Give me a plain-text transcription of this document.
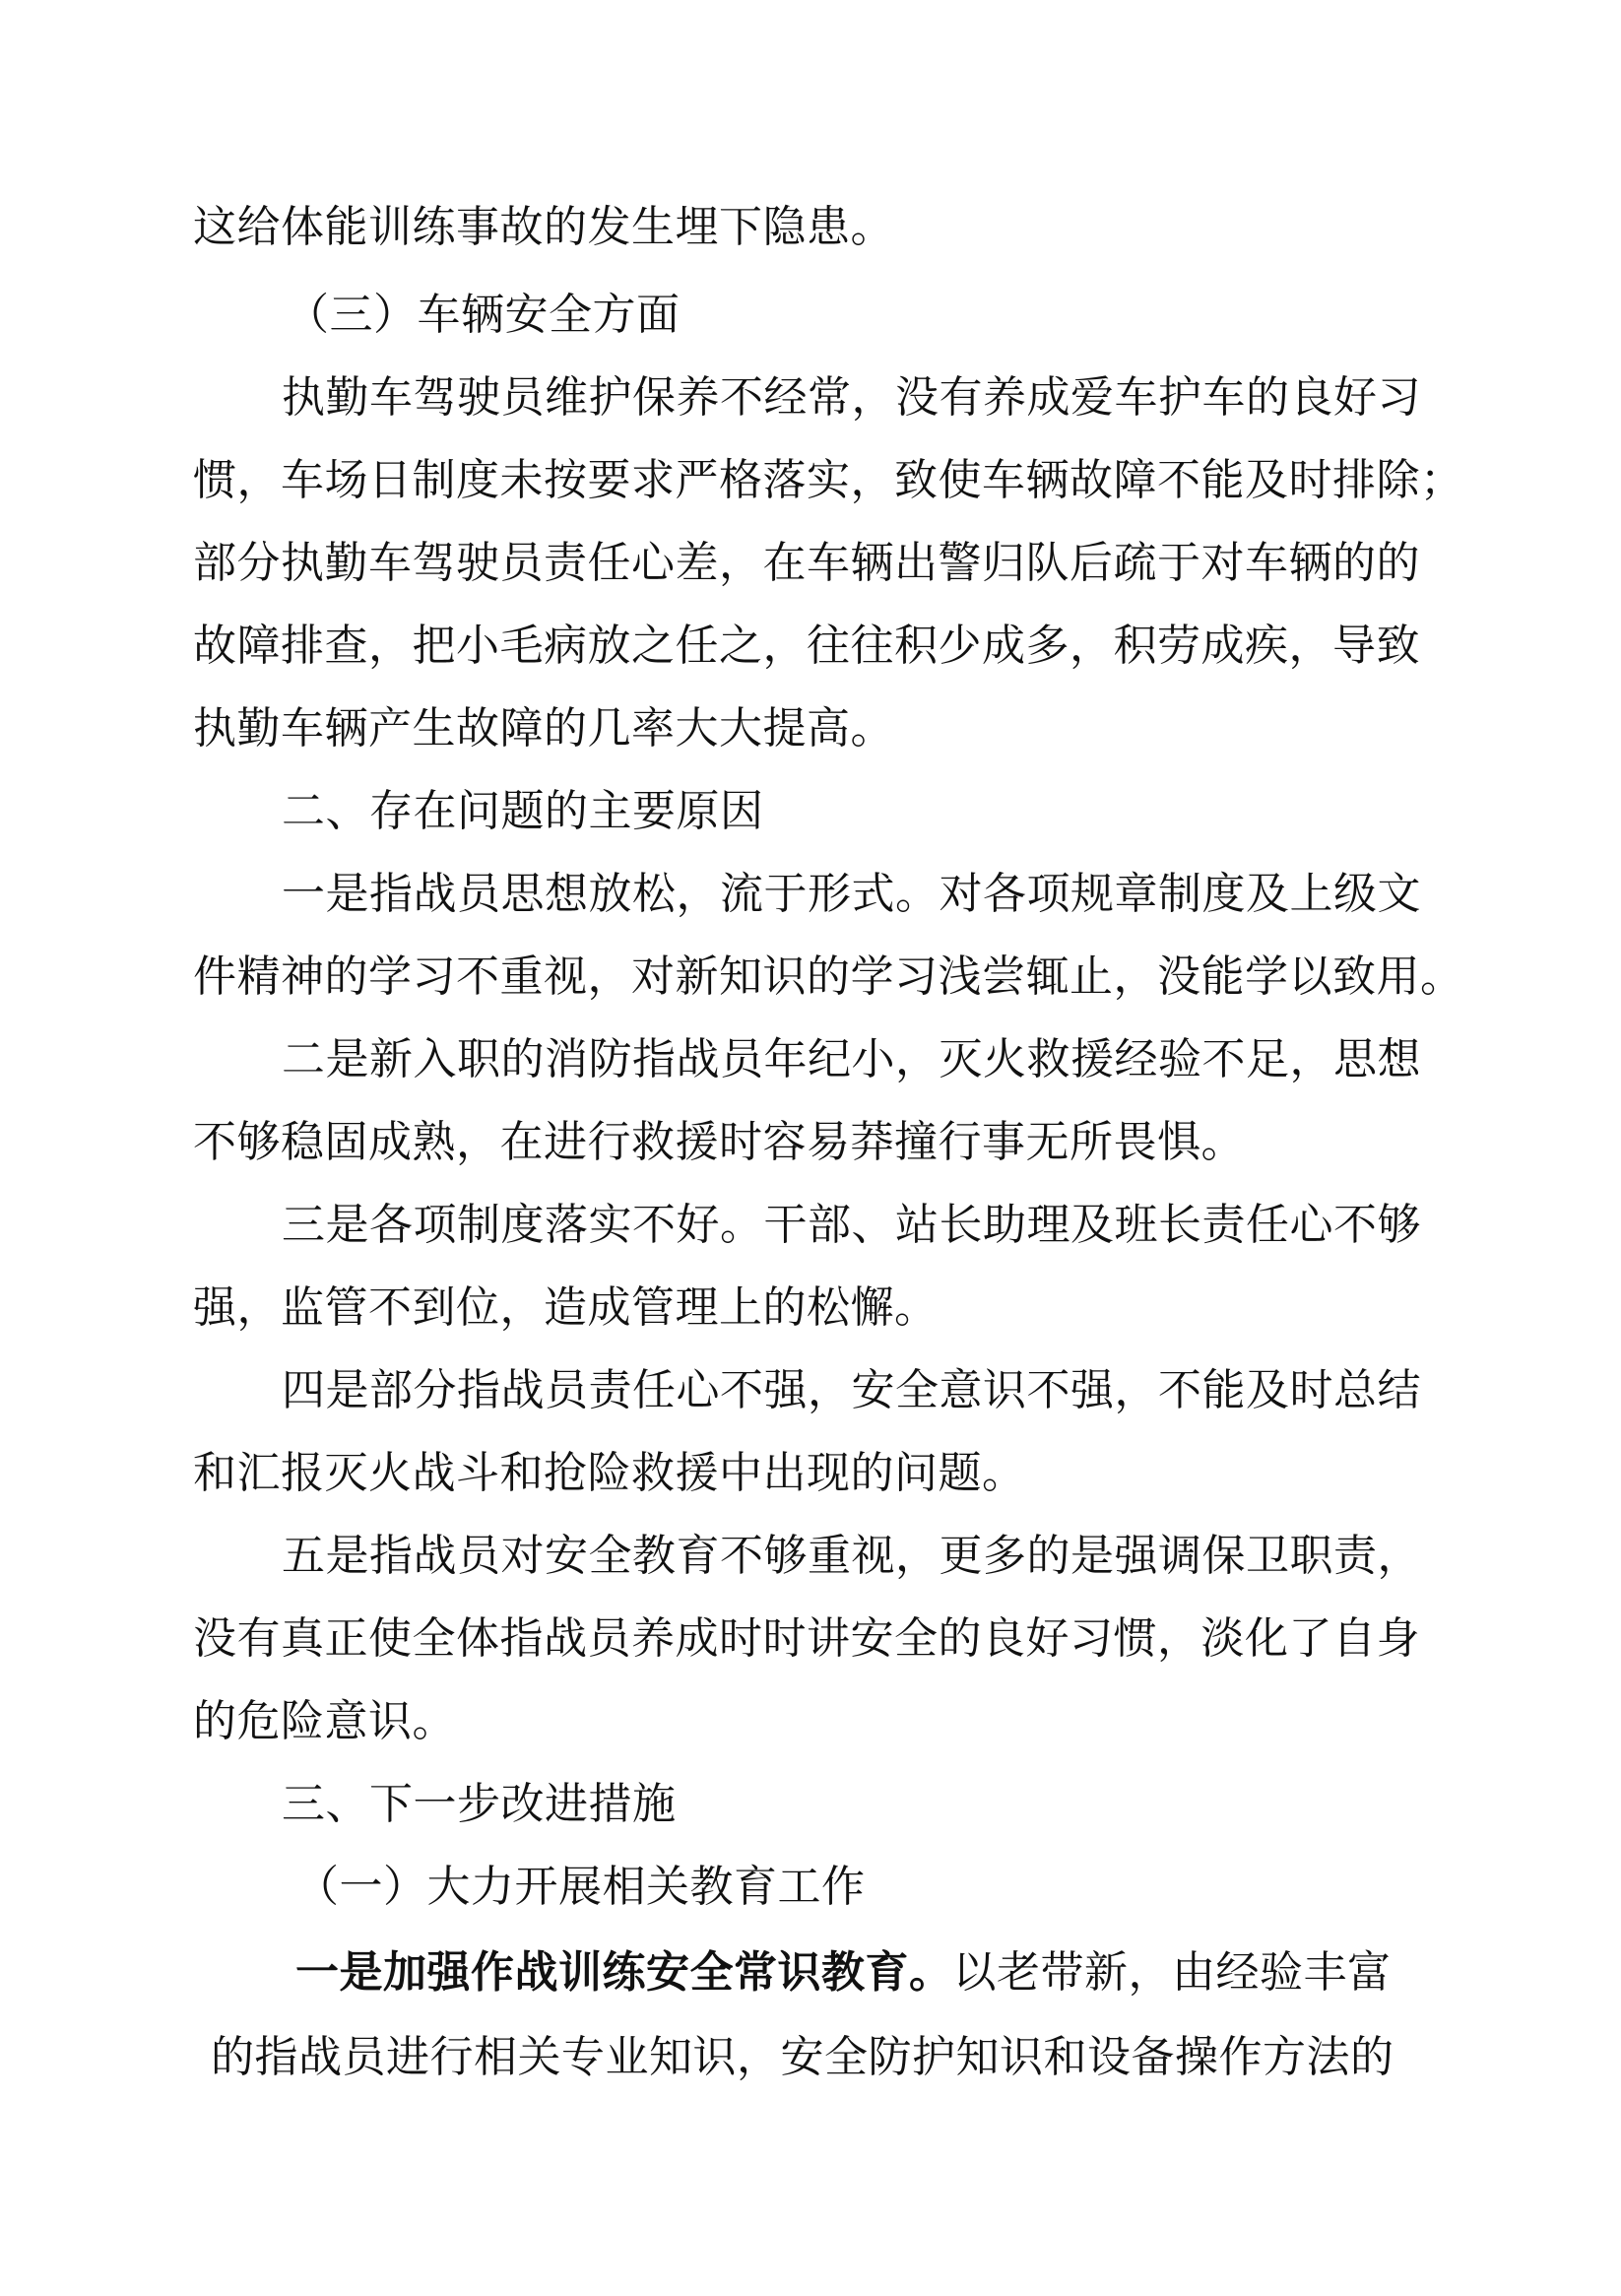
这给体能训练事故的发生埋下隐患。
（三）车辆安全方面
执勤车驾驶员维护保养不经常，没有养成爱车护车的良好习
惯，车场日制度未按要求严格落实，致使车辆故障不能及时排除；
部分执勤车驾驶员责任心差，在车辆出警归队后疏于对车辆的的
故障排查，把小毛病放之任之，往往积少成多，积劳成疾，导致
执勤车辆产生故障的几率大大提高。
二、存在问题的主要原因
一是指战员思想放松，流于形式。对各项规章制度及上级文
件精神的学习不重视，对新知识的学习浅尝辄止，没能学以致用。
二是新入职的消防指战员年纪小，灭火救援经验不足，思想
不够稳固成熟，在进行救援时容易莽撞行事无所畏惧。
三是各项制度落实不好。干部、站长助理及班长责任心不够
强，监管不到位，造成管理上的松懈。
四是部分指战员责任心不强，安全意识不强，不能及时总结
和汇报灭火战斗和抢险救援中出现的问题。
五是指战员对安全教育不够重视，更多的是强调保卫职责，
没有真正使全体指战员养成时时讲安全的良好习惯，淡化了自身
的危险意识。
三、下一步改进措施
（一）大力开展相关教育工作
一是加强作战训练安全常识教育。以老带新，由经验丰富
的指战员进行相关专业知识，安全防护知识和设备操作方法的
